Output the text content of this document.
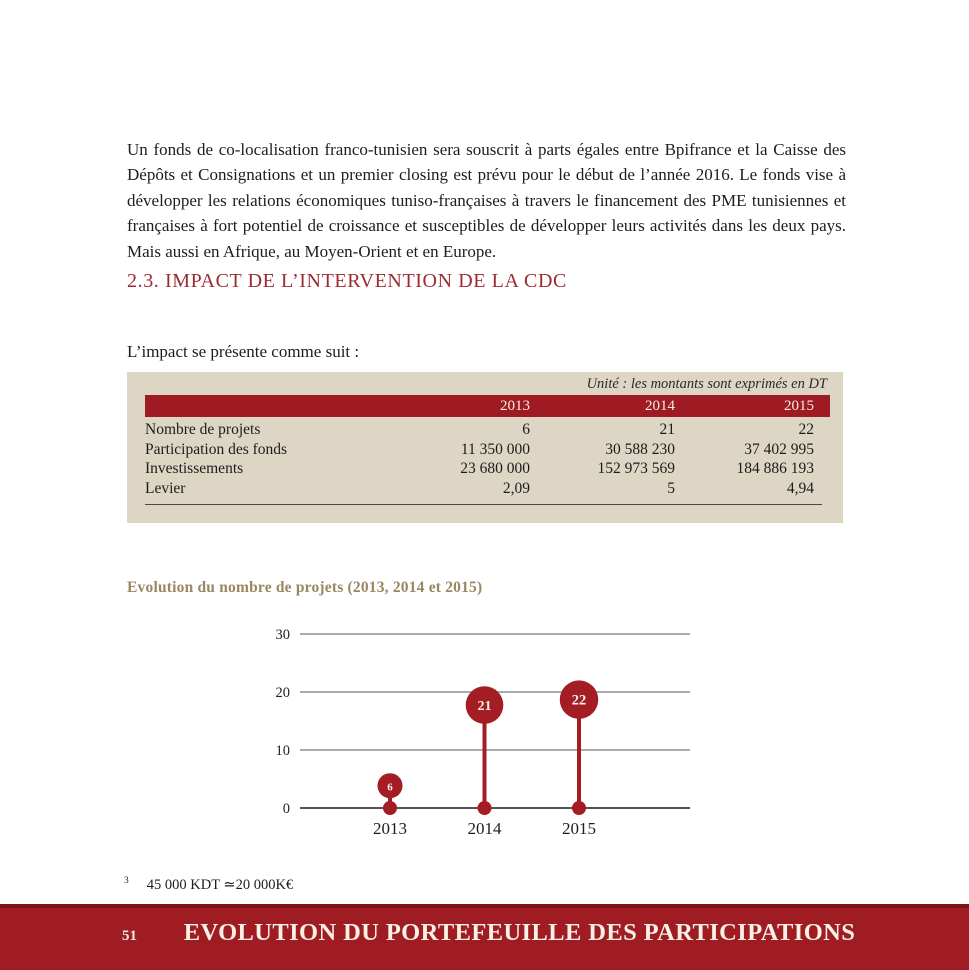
Un fonds de co-localisation franco-tunisien sera souscrit à parts égales entre Bpifrance et la Caisse des Dépôts et Consignations et un premier closing est prévu pour le début de l’année 2016. Le fonds vise à développer les relations économiques tuniso-françaises à travers le financement des PME tunisiennes et françaises à fort potentiel de croissance et susceptibles de développer leurs activités dans les deux pays. Mais aussi en Afrique, au Moyen-Orient et en Europe.

2.3. IMPACT DE L’INTERVENTION DE LA CDC

L’impact se présente comme suit :

Unité : les montants sont exprimés en DT
2013	2014	2015
Nombre de projets	6	21	22
Participation des fonds	11 350 000	30 588 230	37 402 995
Investissements	23 680 000	152 973 569	184 886 193
Levier	2,09	5	4,94
Evolution du nombre de projets (2013, 2014 et 2015)
0
10
20
30
6
2013
21
2014
22
2015
$^3$ 45 000 KDT ≃20 000K€
51	EVOLUTION DU PORTEFEUILLE DES PARTICIPATIONS
